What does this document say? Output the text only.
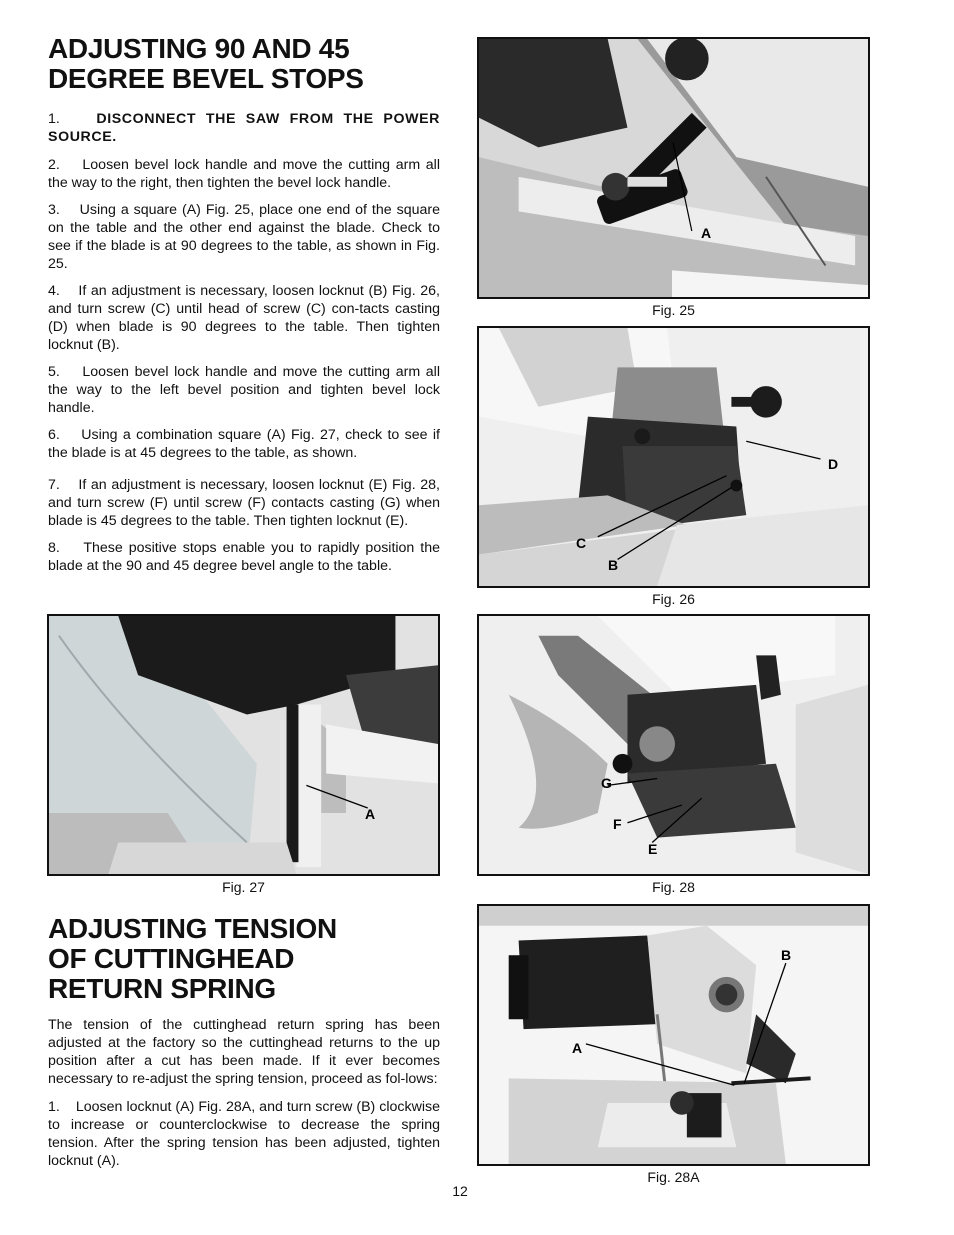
ADJUSTING 90 AND 45
DEGREE BEVEL STOPS

1.	DISCONNECT THE SAW FROM THE POWER SOURCE.

2. Loosen bevel lock handle and move the cutting arm all the way to the right, then tighten the bevel lock handle.

3. Using a square (A) Fig. 25, place one end of the square on the table and the other end against the blade. Check to see if the blade is at 90 degrees to the table, as shown in Fig. 25.

4. If an adjustment is necessary, loosen locknut (B) Fig. 26, and turn screw (C) until head of screw (C) con-tacts casting (D) when blade is 90 degrees to the table. Then tighten locknut (B).

5. Loosen bevel lock handle and move the cutting arm all the way to the left bevel position and tighten bevel lock handle.

6. Using a combination square (A) Fig. 27, check to see if the blade is at 45 degrees to the table, as shown.

7. If an adjustment is necessary, loosen locknut (E) Fig. 28, and turn screw (F) until screw (F) contacts casting (G) when blade is 45 degrees to the table. Then tighten locknut (E).

8. These positive stops enable you to rapidly position the blade at the 90 and 45 degree bevel angle to the table.

ADJUSTING TENSION
OF CUTTINGHEAD
RETURN SPRING

The tension of the cuttinghead return spring has been adjusted at the factory so the cuttinghead returns to the up position after a cut has been made. If it ever becomes necessary to re-adjust the spring tension, proceed as fol-lows:

1. Loosen locknut (A) Fig. 28A, and turn screw (B) clockwise to increase or counterclockwise to decrease the spring tension. After the spring tension has been adjusted, tighten locknut (A).

A
Fig. 25
D
C
B
Fig. 26
A
Fig. 27
G
F
E
Fig. 28
B
A
Fig. 28A
12
